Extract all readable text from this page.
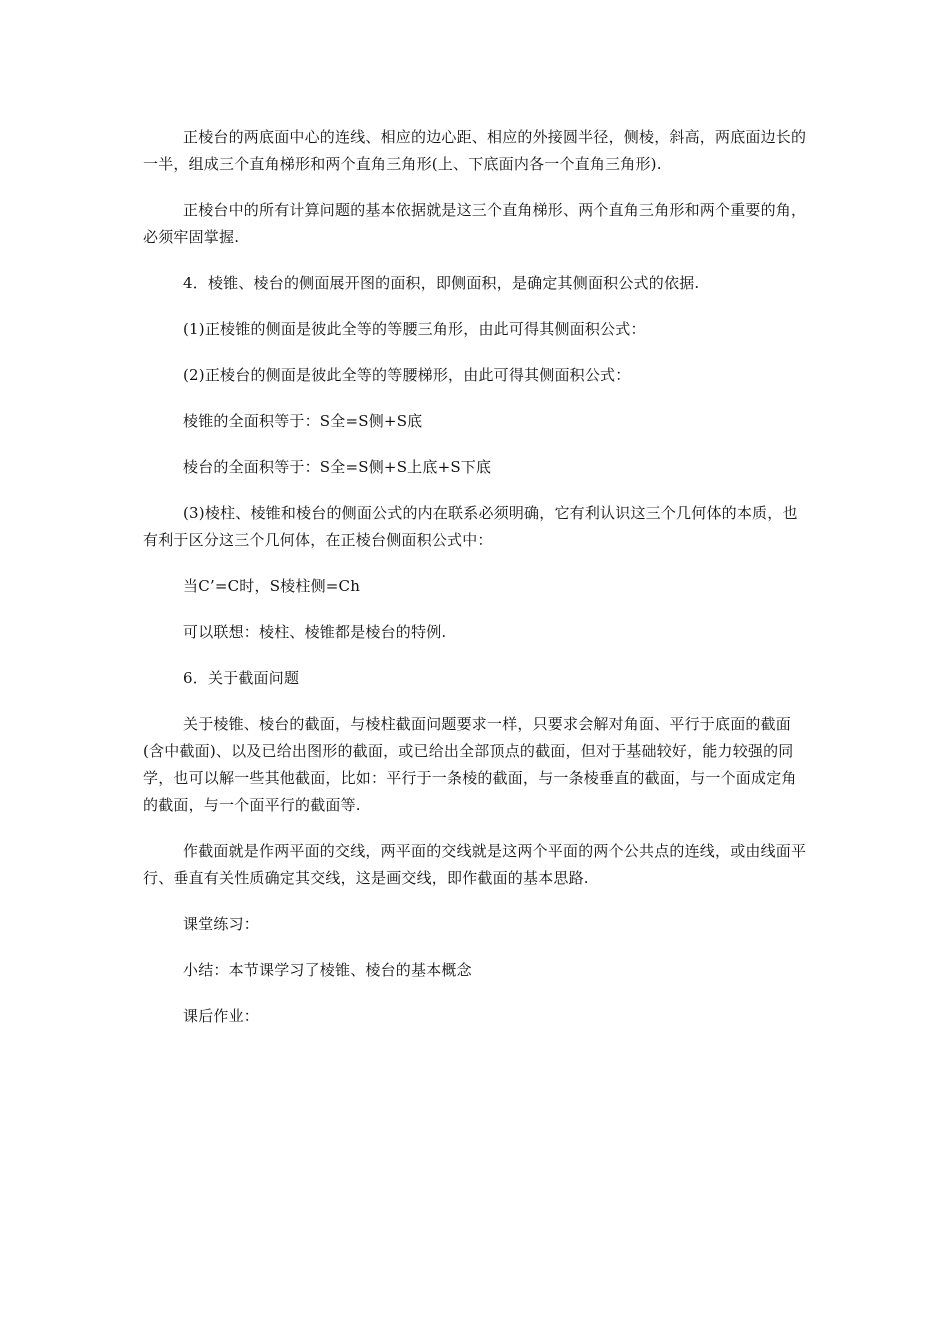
正棱台的两底面中心的连线、相应的边心距、相应的外接圆半径，侧棱，斜高，两底面边长的一半，组成三个直角梯形和两个直角三角形(上、下底面内各一个直角三角形).

正棱台中的所有计算问题的基本依据就是这三个直角梯形、两个直角三角形和两个重要的角，必须牢固掌握.

4．棱锥、棱台的侧面展开图的面积，即侧面积，是确定其侧面积公式的依据.

(1)正棱锥的侧面是彼此全等的等腰三角形，由此可得其侧面积公式：

(2)正棱台的侧面是彼此全等的等腰梯形，由此可得其侧面积公式：

棱锥的全面积等于：S全=S侧+S底

棱台的全面积等于：S全=S侧+S上底+S下底

(3)棱柱、棱锥和棱台的侧面公式的内在联系必须明确，它有利认识这三个几何体的本质，也有利于区分这三个几何体，在正棱台侧面积公式中：

当C’=C时，S棱柱侧=Ch

可以联想：棱柱、棱锥都是棱台的特例.

6．关于截面问题

关于棱锥、棱台的截面，与棱柱截面问题要求一样，只要求会解对角面、平行于底面的截面(含中截面)、以及已给出图形的截面，或已给出全部顶点的截面，但对于基础较好，能力较强的同学，也可以解一些其他截面，比如：平行于一条棱的截面，与一条棱垂直的截面，与一个面成定角的截面，与一个面平行的截面等.

作截面就是作两平面的交线，两平面的交线就是这两个平面的两个公共点的连线，或由线面平行、垂直有关性质确定其交线，这是画交线，即作截面的基本思路.

课堂练习：

小结：本节课学习了棱锥、棱台的基本概念

课后作业：
